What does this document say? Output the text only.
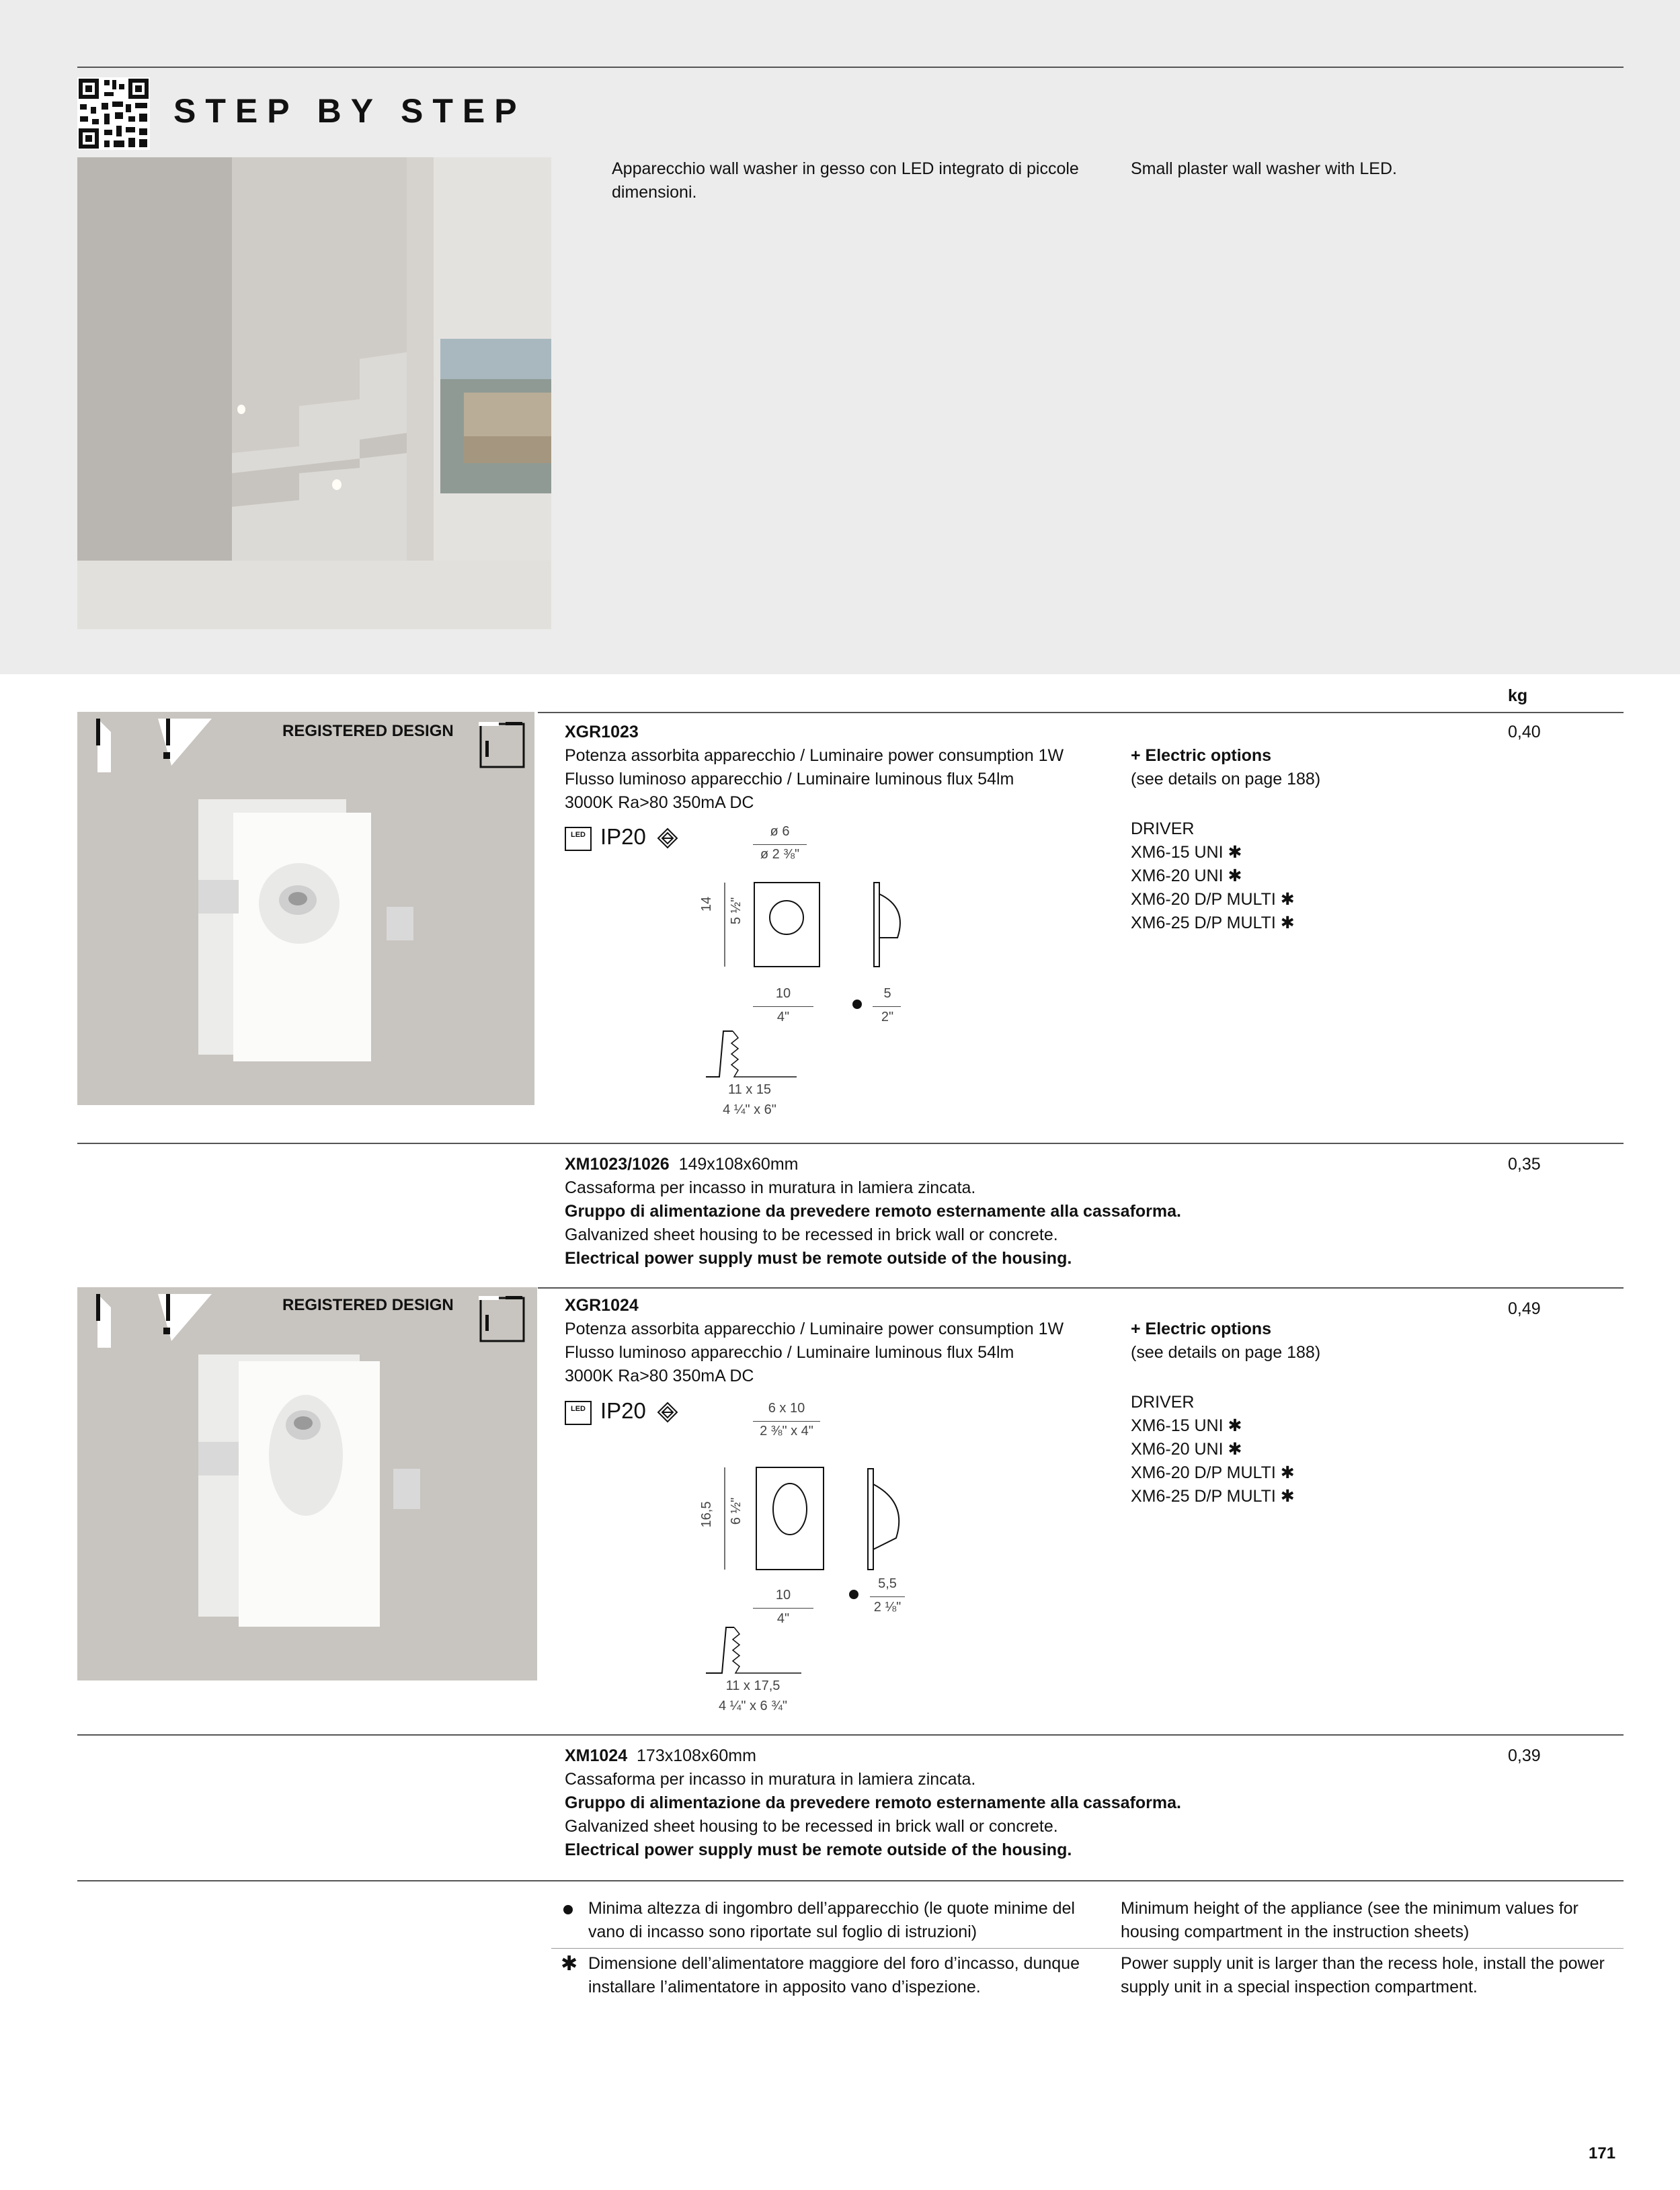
STEP BY STEP
Apparecchio wall washer in gesso con LED integrato di piccole dimensioni.
Small plaster wall washer with LED.
kg
REGISTERED DESIGN	XGR1023
Potenza assorbita apparecchio / Luminaire power consumption 1W
Flusso luminoso apparecchio / Luminaire luminous flux 54lm
3000K Ra>80 350mA DC
LED IP20	ø 6
ø 2 ⅜"
14 5 ½"
10
4"
5
2"
11 x 15
4 ¼" x 6"
+ Electric options
(see details on page 188)
DRIVER
XM6-15 UNI ✱
XM6-20 UNI ✱
XM6-20 D/P MULTI ✱
XM6-25 D/P MULTI ✱
0,40
XM1023/1026 149x108x60mm
Cassaforma per incasso in muratura in lamiera zincata.
Gruppo di alimentazione da prevedere remoto esternamente alla cassaforma.
Galvanized sheet housing to be recessed in brick wall or concrete.
Electrical power supply must be remote outside of the housing.
0,35
REGISTERED DESIGN	XGR1024
Potenza assorbita apparecchio / Luminaire power consumption 1W
Flusso luminoso apparecchio / Luminaire luminous flux 54lm
3000K Ra>80 350mA DC
LED IP20	6 x 10
2 ⅜" x 4"
16,5 6 ½"
10
4"
5,5
2 ⅛"
11 x 17,5
4 ¼" x 6 ¾"
+ Electric options
(see details on page 188)
DRIVER
XM6-15 UNI ✱
XM6-20 UNI ✱
XM6-20 D/P MULTI ✱
XM6-25 D/P MULTI ✱
0,49
XM1024 173x108x60mm
Cassaforma per incasso in muratura in lamiera zincata.
Gruppo di alimentazione da prevedere remoto esternamente alla cassaforma.
Galvanized sheet housing to be recessed in brick wall or concrete.
Electrical power supply must be remote outside of the housing.
0,39
Minima altezza di ingombro dell’apparecchio (le quote minime del vano di incasso sono riportate sul foglio di istruzioni)
Minimum height of the appliance (see the minimum values for housing compartment in the instruction sheets)
✱ Dimensione dell’alimentatore maggiore del foro d’incasso, dunque installare l’alimentatore in apposito vano d’ispezione.
Power supply unit is larger than the recess hole, install the power supply unit in a special inspection compartment.
171
